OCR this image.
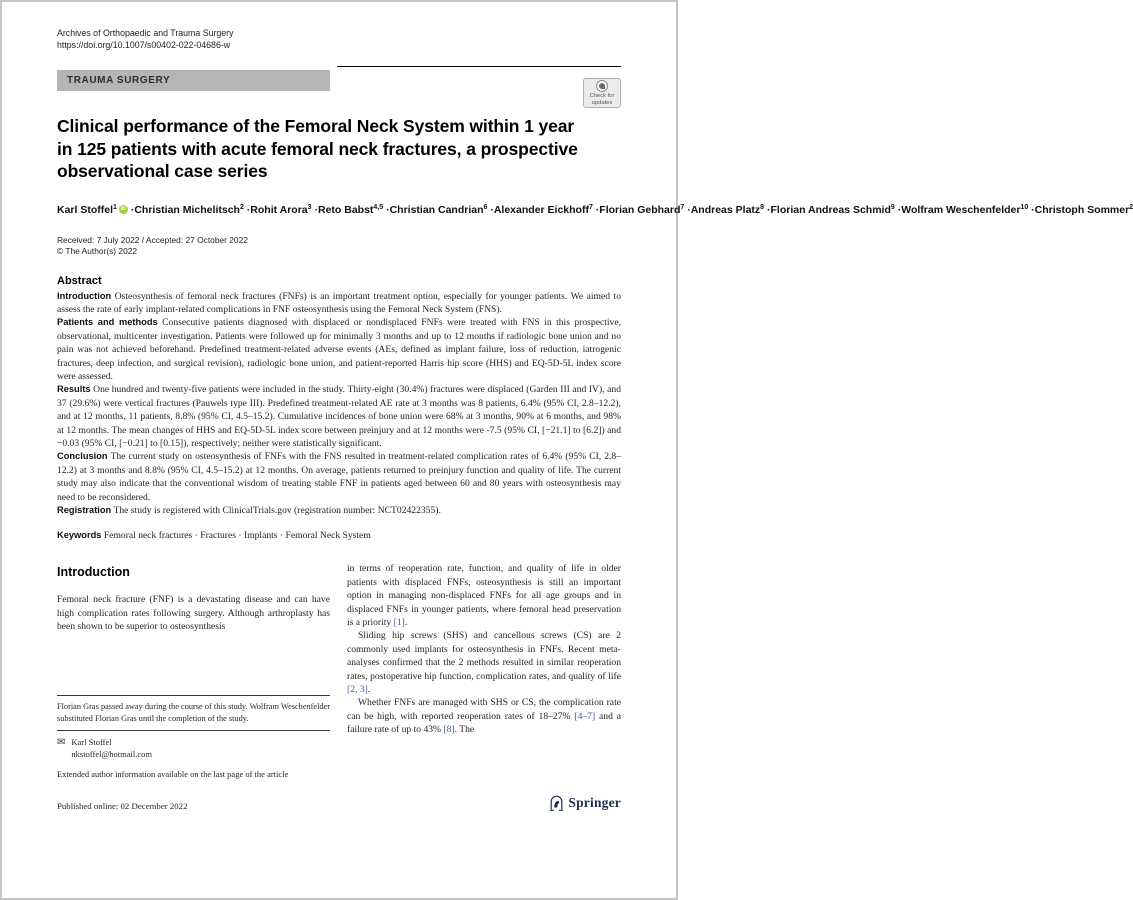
Archives of Orthopaedic and Trauma Surgery
https://doi.org/10.1007/s00402-022-04686-w
TRAUMA SURGERY
Check for
updates
Clinical performance of the Femoral Neck System within 1 year
in 125 patients with acute femoral neck fractures, a prospective
observational case series
Karl Stoffel$^1$ iD · Christian Michelitsch$^2$ · Rohit Arora$^3$ · Reto Babst$^{4,5}$ · Christian Candrian$^6$ · Alexander Eickhoff$^7$ · Florian Gebhard$^7$ · Andreas Platz$^8$ · Florian Andreas Schmid$^9$ · Wolfram Weschenfelder$^{10}$ · Christoph Sommer$^2$
Received: 7 July 2022 / Accepted: 27 October 2022
© The Author(s) 2022
Abstract

Introduction Osteosynthesis of femoral neck fractures (FNFs) is an important treatment option, especially for younger patients. We aimed to assess the rate of early implant-related complications in FNF osteosynthesis using the Femoral Neck System (FNS).

Patients and methods Consecutive patients diagnosed with displaced or nondisplaced FNFs were treated with FNS in this prospective, observational, multicenter investigation. Patients were followed up for minimally 3 months and up to 12 months if radiologic bone union and no pain was not achieved beforehand. Predefined treatment-related adverse events (AEs, defined as implant failure, loss of reduction, iatrogenic fractures, deep infection, and surgical revision), radiologic bone union, and patient-reported Harris hip score (HHS) and EQ-5D-5L index score were assessed.

Results One hundred and twenty-five patients were included in the study. Thirty-eight (30.4%) fractures were displaced (Garden III and IV), and 37 (29.6%) were vertical fractures (Pauwels type III). Predefined treatment-related AE rate at 3 months was 8 patients, 6.4% (95% CI, 2.8–12.2), and at 12 months, 11 patients, 8.8% (95% CI, 4.5–15.2). Cumulative incidences of bone union were 68% at 3 months, 90% at 6 months, and 98% at 12 months. The mean changes of HHS and EQ-5D-5L index score between preinjury and at 12 months were -7.5 (95% CI, [−21.1] to [6.2]) and −0.03 (95% CI, [−0.21] to [0.15]), respectively; neither were statistically significant.

Conclusion The current study on osteosynthesis of FNFs with the FNS resulted in treatment-related complication rates of 6.4% (95% CI, 2.8–12.2) at 3 months and 8.8% (95% CI, 4.5–15.2) at 12 months. On average, patients returned to preinjury function and quality of life. The current study may also indicate that the conventional wisdom of treating stable FNF in patients aged between 60 and 80 years with osteosynthesis may need to be reconsidered.

Registration The study is registered with ClinicalTrials.gov (registration number: NCT02422355).

Keywords Femoral neck fractures · Fractures · Implants · Femoral Neck System
Introduction

Femoral neck fracture (FNF) is a devastating disease and can have high complication rates following surgery. Although arthroplasty has been shown to be superior to osteosynthesis

Florian Gras passed away during the course of this study. Wolfram Weschenfelder substituted Florian Gras until the completion of the study.

✉ Karl Stoffel
nkstoffel@hotmail.com
Extended author information available on the last page of the article

in terms of reoperation rate, function, and quality of life in older patients with displaced FNFs, osteosynthesis is still an important option in managing non-displaced FNFs for all age groups and in displaced FNFs in younger patients, where femoral head preservation is a priority [1].

Sliding hip screws (SHS) and cancellous screws (CS) are 2 commonly used implants for osteosynthesis in FNFs. Recent meta-analyses confirmed that the 2 methods resulted in similar reoperation rates, postoperative hip function, complication rates, and quality of life [2, 3].

Whether FNFs are managed with SHS or CS, the complication rate can be high, with reported reoperation rates of 18–27% [4–7] and a failure rate of up to 43% [8]. The

Published online: 02 December 2022	Springer
